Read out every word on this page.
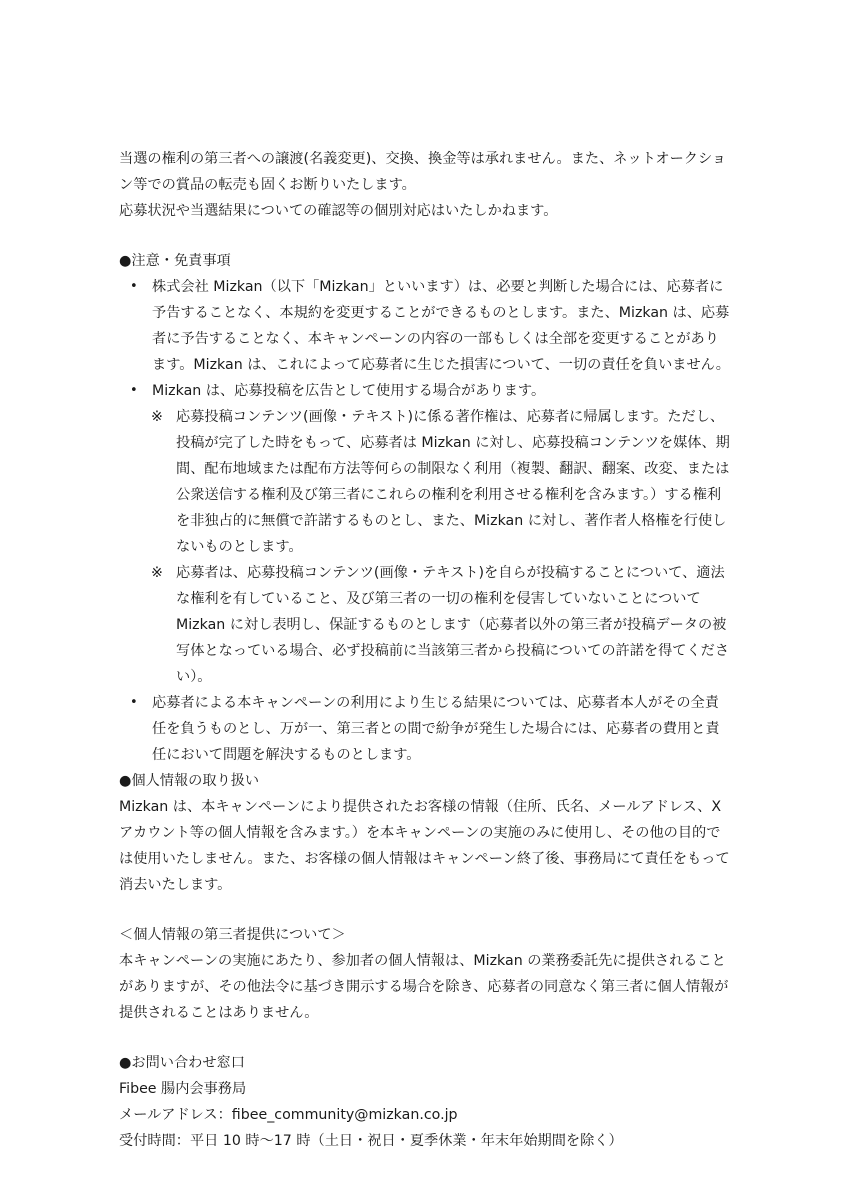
当選の権利の第三者への譲渡(名義変更)、交換、換金等は承れません。また、ネットオークション等での賞品の転売も固くお断りいたします。

応募状況や当選結果についての確認等の個別対応はいたしかねます。

●注意・免責事項

• 株式会社 Mizkan（以下「Mizkan」といいます）は、必要と判断した場合には、応募者に予告することなく、本規約を変更することができるものとします。また、Mizkan は、応募者に予告することなく、本キャンペーンの内容の一部もしくは全部を変更することがあります。Mizkan は、これによって応募者に生じた損害について、一切の責任を負いません。
• Mizkan は、応募投稿を広告として使用する場合があります。
※ 応募投稿コンテンツ(画像・テキスト)に係る著作権は、応募者に帰属します。ただし、投稿が完了した時をもって、応募者は Mizkan に対し、応募投稿コンテンツを媒体、期間、配布地域または配布方法等何らの制限なく利用（複製、翻訳、翻案、改変、または公衆送信する権利及び第三者にこれらの権利を利用させる権利を含みます。）する権利を非独占的に無償で許諾するものとし、また、Mizkan に対し、著作者人格権を行使しないものとします。
※ 応募者は、応募投稿コンテンツ(画像・テキスト)を自らが投稿することについて、適法な権利を有していること、及び第三者の一切の権利を侵害していないことについて Mizkan に対し表明し、保証するものとします（応募者以外の第三者が投稿データの被写体となっている場合、必ず投稿前に当該第三者から投稿についての許諾を得てください）。
• 応募者による本キャンペーンの利用により生じる結果については、応募者本人がその全責任を負うものとし、万が一、第三者との間で紛争が発生した場合には、応募者の費用と責任において問題を解決するものとします。

●個人情報の取り扱い

Mizkan は、本キャンペーンにより提供されたお客様の情報（住所、氏名、メールアドレス、X アカウント等の個人情報を含みます。）を本キャンペーンの実施のみに使用し、その他の目的では使用いたしません。また、お客様の個人情報はキャンペーン終了後、事務局にて責任をもって消去いたします。

＜個人情報の第三者提供について＞

本キャンペーンの実施にあたり、参加者の個人情報は、Mizkan の業務委託先に提供されることがありますが、その他法令に基づき開示する場合を除き、応募者の同意なく第三者に個人情報が提供されることはありません。

●お問い合わせ窓口

Fibee 腸内会事務局

メールアドレス：fibee_community@mizkan.co.jp

受付時間：平日 10 時～17 時（土日・祝日・夏季休業・年末年始期間を除く）
